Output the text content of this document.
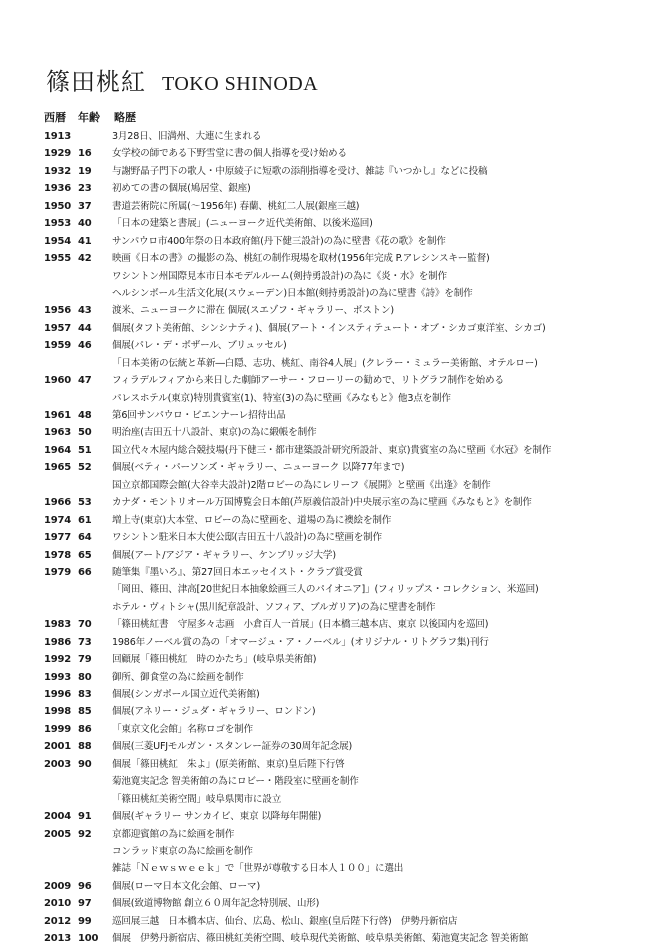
篠田桃紅 TOKO SHINODA
西暦 年齢 略歴
1913	3月28日、旧満州、大連に生まれる
1929 16 女学校の師である下野雪堂に書の個人指導を受け始める
1932 19 与謝野晶子門下の歌人・中原綾子に短歌の添削指導を受け、雑誌『いつかし』などに投稿
1936 23 初めての書の個展(鳩居堂、銀座)
1950 37 書道芸術院に所属(〜1956年) 春蘭、桃紅二人展(銀座三越)
1953 40 「日本の建築と書展」(ニューヨーク近代美術館、以後米巡回)
1954 41 サンパウロ市400年祭の日本政府館(丹下健三設計)の為に壁書《花の歌》を制作
1955 42 映画《日本の書》の撮影の為、桃紅の制作現場を取材(1956年完成 P.アレシンスキー監督)
ワシントン州国際見本市日本モデルルーム(剣持勇設計)の為に《炎・水》を制作
ヘルシンボール生活文化展(スウェーデン)日本館(剣持勇設計)の為に壁書《詩》を制作
1956 43 渡米、ニューヨークに滞在 個展(スエゾフ・ギャラリー、ボストン)
1957 44 個展(タフト美術館、シンシナティ)、個展(アート・インスティテュート・オブ・シカゴ東洋室、シカゴ)
1959 46 個展(パレ・デ・ボザール、ブリュッセル)
「日本美術の伝統と革新―白隠、志功、桃紅、南谷4人展」(クレラー・ミュラー美術館、オテルロー)
1960 47 フィラデルフィアから来日した劇師アーサー・フローリーの勧めで、リトグラフ制作を始める
パレスホテル(東京)特別貴賓室(1)、特室(3)の為に壁画《みなもと》他3点を制作
1961 48 第6回サンパウロ・ビエンナーレ招待出品
1963 50 明治座(吉田五十八設計、東京)の為に緞帳を制作
1964 51 国立代々木屋内総合競技場(丹下健三・都市建築設計研究所設計、東京)貴賓室の為に壁画《水冠》を制作
1965 52 個展(ベティ・パーソンズ・ギャラリー、ニューヨーク 以降77年まで)
国立京都国際会館(大谷幸夫設計)2階ロビーの為にレリーフ《展開》と壁画《出逢》を制作
1966 53 カナダ・モントリオール万国博覧会日本館(芦原義信設計)中央展示室の為に壁画《みなもと》を制作
1974 61 増上寺(東京)大本堂、ロビーの為に壁画を、道場の為に襖絵を制作
1977 64 ワシントン駐米日本大使公邸(吉田五十八設計)の為に壁画を制作
1978 65 個展(アート/アジア・ギャラリー、ケンブリッジ大学)
1979 66 随筆集『墨いろ』、第27回日本エッセイスト・クラブ賞受賞
「岡田、篠田、津高[20世紀日本抽象絵画三人のパイオニア]」(フィリップス・コレクション、米巡回)
ホテル・ヴィトシャ(黒川紀章設計、ソフィア、ブルガリア)の為に壁書を制作
1983 70 「篠田桃紅書　守屋多々志画　小倉百人一首展」(日本橋三越本店、東京 以後国内を巡回)
1986 73 1986年ノーベル賞の為の「オマージュ・ア・ノーベル」(オリジナル・リトグラフ集)刊行
1992 79 回顧展「篠田桃紅　時のかたち」(岐阜県美術館)
1993 80 御所、御食堂の為に絵画を制作
1996 83 個展(シンガポール国立近代美術館)
1998 85 個展(アネリー・ジュダ・ギャラリー、ロンドン)
1999 86 「東京文化会館」名称ロゴを制作
2001 88 個展(三菱UFJモルガン・スタンレー証券の30周年記念展)
2003 90 個展「篠田桃紅　朱よ」(原美術館、東京)皇后陛下行啓
菊池寛実記念 智美術館の為にロビー・階段室に壁画を制作
「篠田桃紅美術空間」岐阜県関市に設立
2004 91 個展(ギャラリー サンカイビ、東京 以降毎年開催)
2005 92 京都迎賓館の為に絵画を制作
コンラッド東京の為に絵画を制作
雑誌「Ｎｅｗｓｗｅｅｋ」で「世界が尊敬する日本人１００」に選出
2009 96 個展(ローマ日本文化会館、ローマ)
2010 97 個展(致道博物館 創立６０周年記念特別展、山形)
2012 99 巡回展三越　日本橋本店、仙台、広島、松山、銀座(皇后陛下行啓)　伊勢丹新宿店
2013 100 個展　伊勢丹新宿店、篠田桃紅美術空間、岐阜現代美術館、岐阜県美術館、菊池寛実記念 智美術館
